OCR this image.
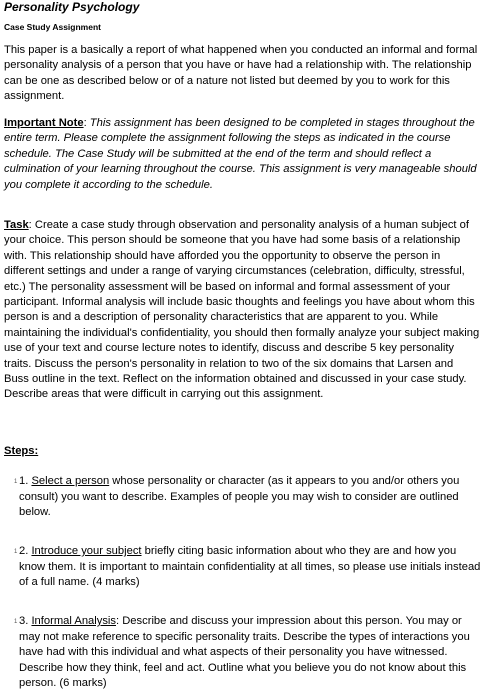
Personality Psychology
Case Study Assignment

This paper is a basically a report of what happened when you conducted an informal and formal personality analysis of a person that you have or have had a relationship with. The relationship can be one as described below or of a nature not listed but deemed by you to work for this assignment.

Important Note: This assignment has been designed to be completed in stages throughout the entire term. Please complete the assignment following the steps as indicated in the course schedule. The Case Study will be submitted at the end of the term and should reflect a culmination of your learning throughout the course. This assignment is very manageable should you complete it according to the schedule.

Task: Create a case study through observation and personality analysis of a human subject of your choice. This person should be someone that you have had some basis of a relationship with. This relationship should have afforded you the opportunity to observe the person in different settings and under a range of varying circumstances (celebration, difficulty, stressful, etc.) The personality assessment will be based on informal and formal assessment of your participant. Informal analysis will include basic thoughts and feelings you have about whom this person is and a description of personality characteristics that are apparent to you. While maintaining the individual's confidentiality, you should then formally analyze your subject making use of your text and course lecture notes to identify, discuss and describe 5 key personality traits. Discuss the person's personality in relation to two of the six domains that Larsen and Buss outline in the text. Reflect on the information obtained and discussed in your case study. Describe areas that were difficult in carrying out this assignment.

Steps:

1 1. Select a person whose personality or character (as it appears to you and/or others you consult) you want to describe. Examples of people you may wish to consider are outlined below.

1 2. Introduce your subject briefly citing basic information about who they are and how you know them. It is important to maintain confidentiality at all times, so please use initials instead of a full name. (4 marks)

1 3. Informal Analysis: Describe and discuss your impression about this person. You may or may not make reference to specific personality traits. Describe the types of interactions you have had with this individual and what aspects of their personality you have witnessed. Describe how they think, feel and act. Outline what you believe you do not know about this person. (6 marks)
